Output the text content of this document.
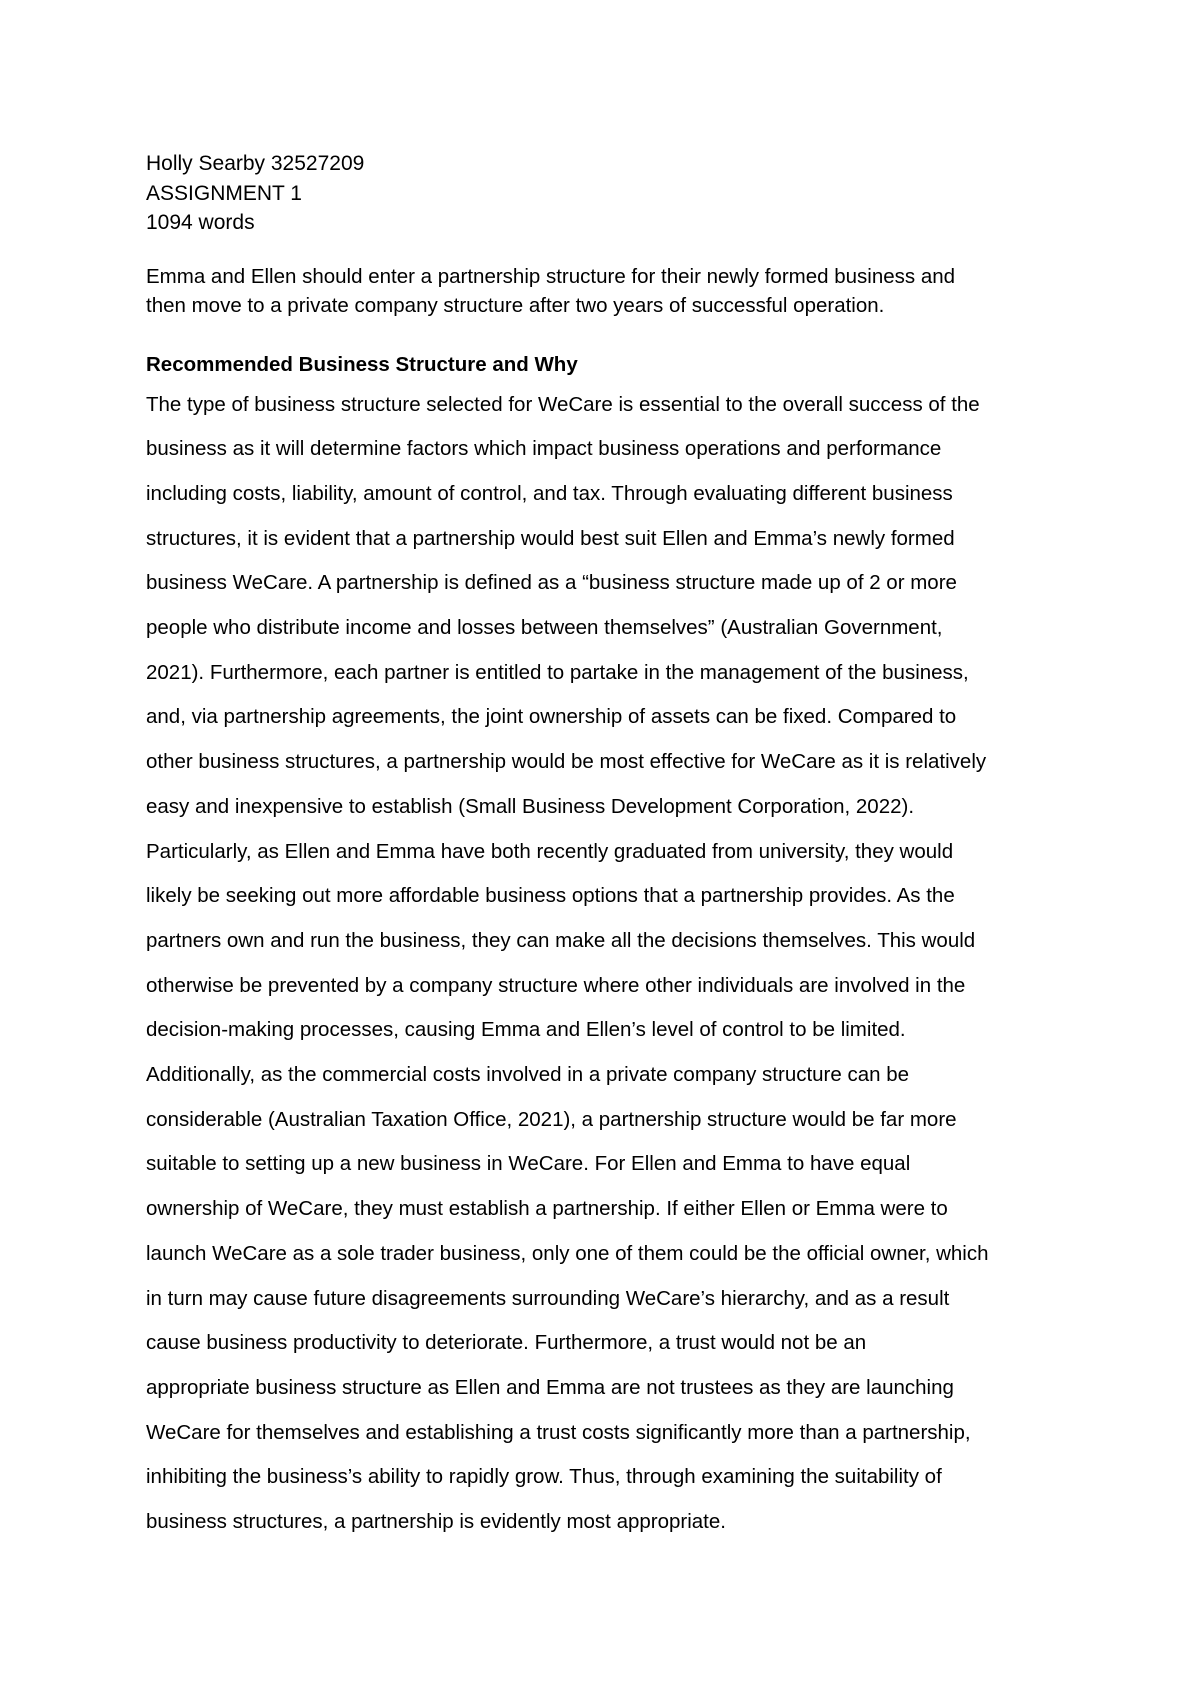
Holly Searby 32527209
ASSIGNMENT 1
1094 words

Emma and Ellen should enter a partnership structure for their newly formed business and
then move to a private company structure after two years of successful operation.

Recommended Business Structure and Why

The type of business structure selected for WeCare is essential to the overall success of the
business as it will determine factors which impact business operations and performance
including costs, liability, amount of control, and tax. Through evaluating different business
structures, it is evident that a partnership would best suit Ellen and Emma’s newly formed
business WeCare. A partnership is defined as a “business structure made up of 2 or more
people who distribute income and losses between themselves” (Australian Government,
2021). Furthermore, each partner is entitled to partake in the management of the business,
and, via partnership agreements, the joint ownership of assets can be fixed. Compared to
other business structures, a partnership would be most effective for WeCare as it is relatively
easy and inexpensive to establish (Small Business Development Corporation, 2022).
Particularly, as Ellen and Emma have both recently graduated from university, they would
likely be seeking out more affordable business options that a partnership provides. As the
partners own and run the business, they can make all the decisions themselves. This would
otherwise be prevented by a company structure where other individuals are involved in the
decision-making processes, causing Emma and Ellen’s level of control to be limited.
Additionally, as the commercial costs involved in a private company structure can be
considerable (Australian Taxation Office, 2021), a partnership structure would be far more
suitable to setting up a new business in WeCare. For Ellen and Emma to have equal
ownership of WeCare, they must establish a partnership. If either Ellen or Emma were to
launch WeCare as a sole trader business, only one of them could be the official owner, which
in turn may cause future disagreements surrounding WeCare’s hierarchy, and as a result
cause business productivity to deteriorate. Furthermore, a trust would not be an
appropriate business structure as Ellen and Emma are not trustees as they are launching
WeCare for themselves and establishing a trust costs significantly more than a partnership,
inhibiting the business’s ability to rapidly grow. Thus, through examining the suitability of
business structures, a partnership is evidently most appropriate.
